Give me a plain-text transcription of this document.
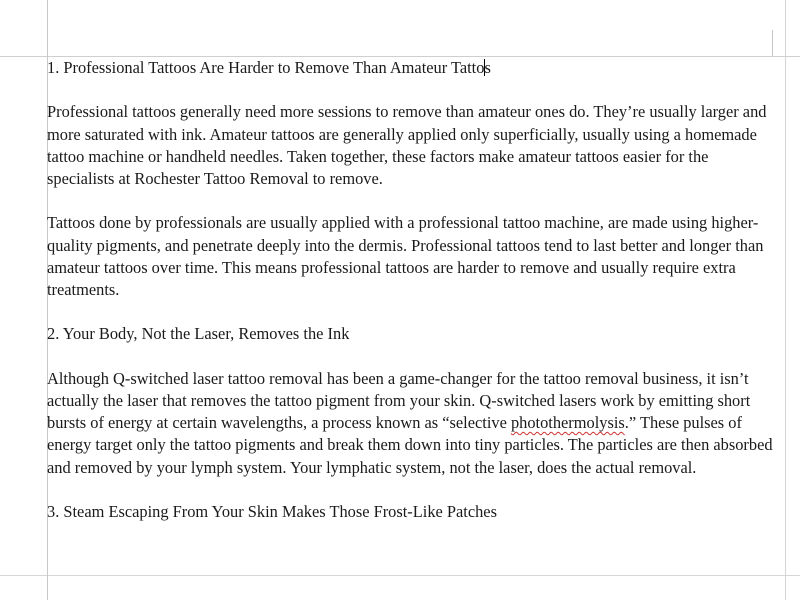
1. Professional Tattoos Are Harder to Remove Than Amateur Tattos

Professional tattoos generally need more sessions to remove than amateur ones do. They’re usually larger and more saturated with ink. Amateur tattoos are generally applied only superficially, usually using a homemade tattoo machine or handheld needles. Taken together, these factors make amateur tattoos easier for the specialists at Rochester Tattoo Removal to remove.

Tattoos done by professionals are usually applied with a professional tattoo machine, are made using higher-quality pigments, and penetrate deeply into the dermis. Professional tattoos tend to last better and longer than amateur tattoos over time. This means professional tattoos are harder to remove and usually require extra treatments.

2. Your Body, Not the Laser, Removes the Ink

Although Q-switched laser tattoo removal has been a game-changer for the tattoo removal business, it isn’t actually the laser that removes the tattoo pigment from your skin. Q-switched lasers work by emitting short bursts of energy at certain wavelengths, a process known as “selective photothermolysis.” These pulses of energy target only the tattoo pigments and break them down into tiny particles. The particles are then absorbed and removed by your lymph system. Your lymphatic system, not the laser, does the actual removal.

3. Steam Escaping From Your Skin Makes Those Frost-Like Patches
